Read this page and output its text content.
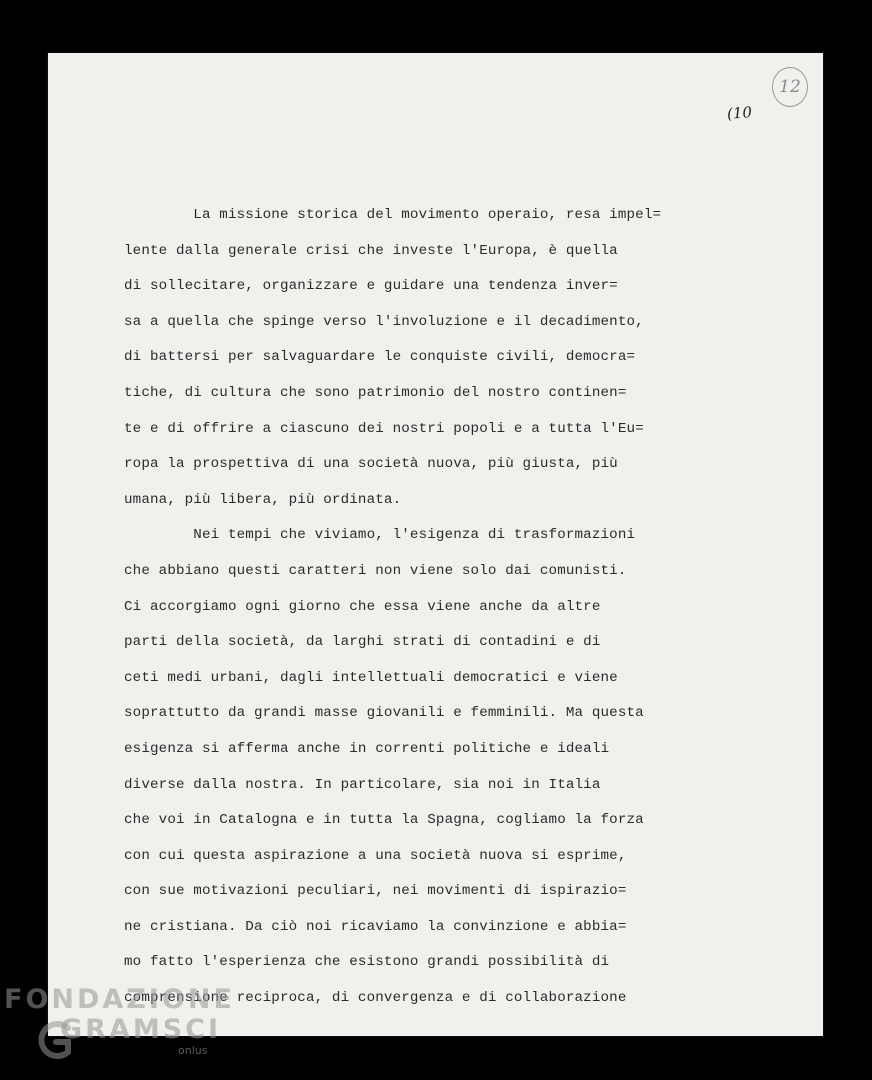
12
(10
La missione storica del movimento operaio, resa impel=
lente dalla generale crisi che investe l'Europa, è quella
di sollecitare, organizzare e guidare una tendenza inver=
sa a quella che spinge verso l'involuzione e il decadimento,
di battersi per salvaguardare le conquiste civili, democra=
tiche, di cultura che sono patrimonio del nostro continen=
te e di offrire a ciascuno dei nostri popoli e a tutta l'Eu=
ropa la prospettiva di una società nuova, più giusta, più
umana, più libera, più ordinata.
Nei tempi che viviamo, l'esigenza di trasformazioni
che abbiano questi caratteri non viene solo dai comunisti.
Ci accorgiamo ogni giorno che essa viene anche da altre
parti della società, da larghi strati di contadini e di
ceti medi urbani, dagli intellettuali democratici e viene
soprattutto da grandi masse giovanili e femminili. Ma questa
esigenza si afferma anche in correnti politiche e ideali
diverse dalla nostra. In particolare, sia noi in Italia
che voi in Catalogna e in tutta la Spagna, cogliamo la forza
con cui questa aspirazione a una società nuova si esprime,
con sue motivazioni peculiari, nei movimenti di ispirazio=
ne cristiana. Da ciò noi ricaviamo la convinzione e abbia=
mo fatto l'esperienza che esistono grandi possibilità di
comprensione reciproca, di convergenza e di collaborazione
FONDAZIONE
GRAMSCI
onlus
